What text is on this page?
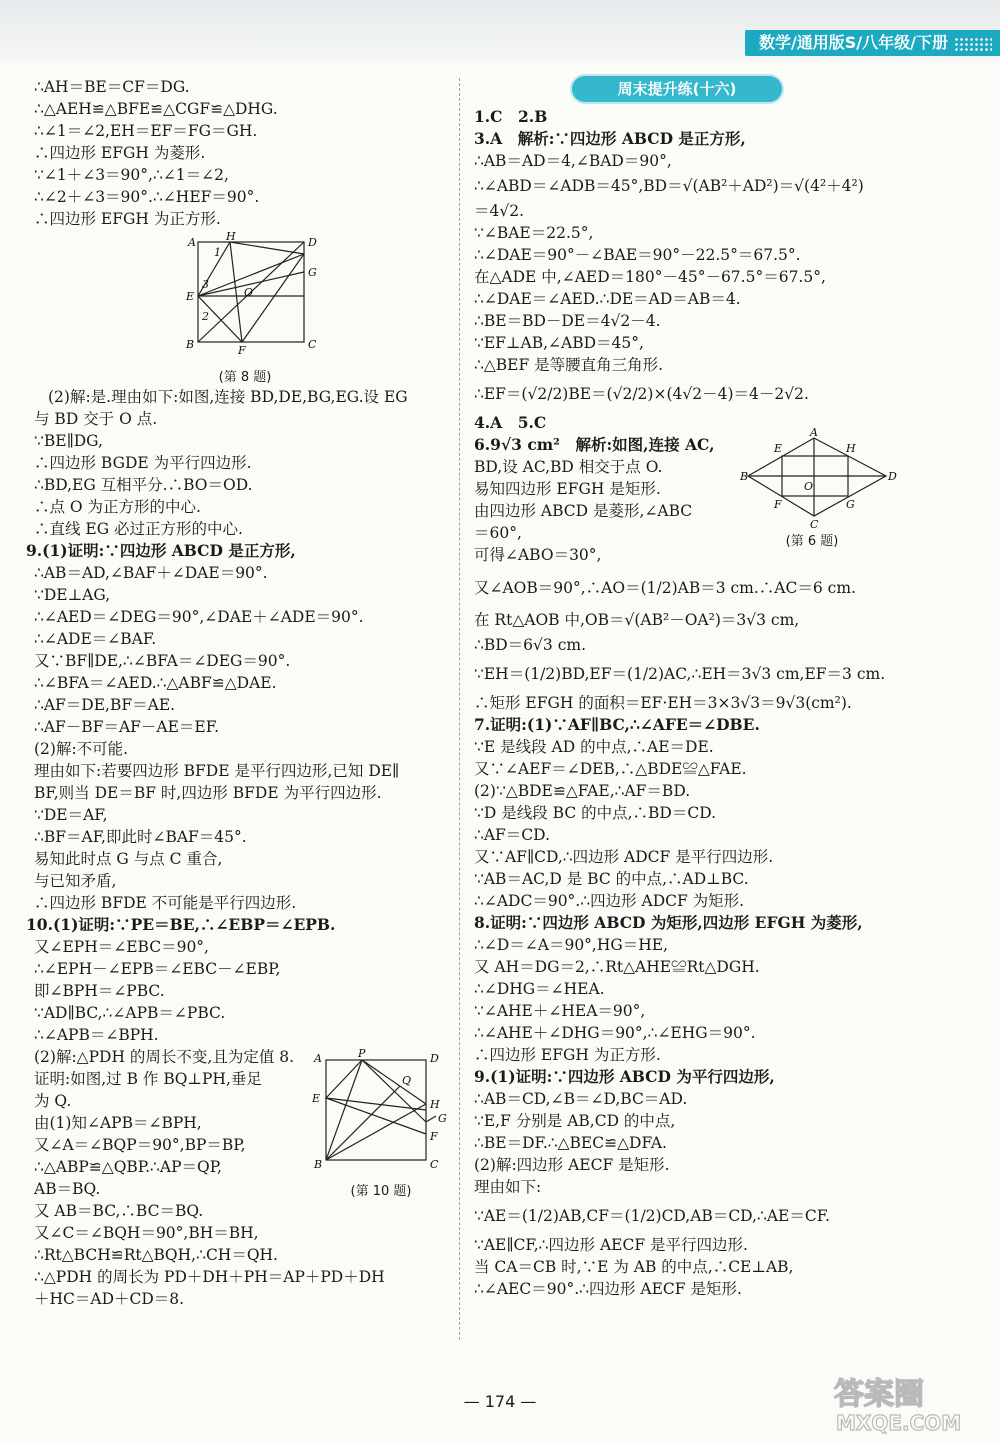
数学/通用版S/八年级/下册
∴AH＝BE＝CF＝DG.
∴△AEH≌△BFE≌△CGF≌△DHG.
∴∠1＝∠2,EH＝EF＝FG＝GH.
∴四边形 EFGH 为菱形.
∵∠1＋∠3＝90°,∴∠1＝∠2,
∴∠2＋∠3＝90°.∴∠HEF＝90°.
∴四边形 EFGH 为正方形.
A	H	D
1
3
E	O
G
2
B	F	C
(第 8 题)
(2)解:是.理由如下:如图,连接 BD,DE,BG,EG.设 EG
与 BD 交于 O 点.
∵BE∥DG,
∴四边形 BGDE 为平行四边形.
∴BD,EG 互相平分.∴BO＝OD.
∴点 O 为正方形的中心.
∴直线 EG 必过正方形的中心.
9.(1)证明:∵四边形 ABCD 是正方形,
∴AB＝AD,∠BAF＋∠DAE＝90°.
∵DE⊥AG,
∴∠AED＝∠DEG＝90°,∠DAE＋∠ADE＝90°.
∴∠ADE＝∠BAF.
又∵BF∥DE,∴∠BFA＝∠DEG＝90°.
∴∠BFA＝∠AED.∴△ABF≌△DAE.
∴AF＝DE,BF＝AE.
∴AF－BF＝AF－AE＝EF.
(2)解:不可能.
理由如下:若要四边形 BFDE 是平行四边形,已知 DE∥
BF,则当 DE＝BF 时,四边形 BFDE 为平行四边形.
∵DE＝AF,
∴BF＝AF,即此时∠BAF＝45°.
易知此时点 G 与点 C 重合,
与已知矛盾,
∴四边形 BFDE 不可能是平行四边形.
10.(1)证明:∵PE＝BE,∴∠EBP＝∠EPB.
又∠EPH＝∠EBC＝90°,
∴∠EPH－∠EPB＝∠EBC－∠EBP,
即∠BPH＝∠PBC.
∵AD∥BC,∴∠APB＝∠PBC.
∴∠APB＝∠BPH.
(2)解:△PDH 的周长不变,且为定值 8.
证明:如图,过 B 作 BQ⊥PH,垂足
为 Q.
由(1)知∠APB＝∠BPH,
又∠A＝∠BQP＝90°,BP＝BP,
∴△ABP≌△QBP.∴AP＝QP,
AB＝BQ.
A	P	D
Q
E	H
G
F
B	C
(第 10 题)
又 AB＝BC,∴BC＝BQ.
又∠C＝∠BQH＝90°,BH＝BH,
∴Rt△BCH≌Rt△BQH,∴CH＝QH.
∴△PDH 的周长为 PD＋DH＋PH＝AP＋PD＋DH
＋HC＝AD＋CD＝8.
周末提升练(十六)
1.C　2.B
3.A　解析:∵四边形 ABCD 是正方形,
∴AB＝AD＝4,∠BAD＝90°,
∴∠ABD＝∠ADB＝45°,BD＝√(AB²＋AD²)＝√(4²＋4²)
＝4√2.
∵∠BAE＝22.5°,
∴∠DAE＝90°－∠BAE＝90°－22.5°＝67.5°.
在△ADE 中,∠AED＝180°－45°－67.5°＝67.5°,
∴∠DAE＝∠AED.∴DE＝AD＝AB＝4.
∴BE＝BD－DE＝4√2－4.
∵EF⊥AB,∠ABD＝45°,
∴△BEF 是等腰直角三角形.
∴EF＝(√2/2)BE＝(√2/2)×(4√2－4)＝4－2√2.
4.A　5.C
6.9√3 cm²　解析:如图,连接 AC,
BD,设 AC,BD 相交于点 O.
易知四边形 EFGH 是矩形.
由四边形 ABCD 是菱形,∠ABC
＝60°,
可得∠ABO＝30°,
A
E	H
B
O
D
F	G
C
(第 6 题)
又∠AOB＝90°,∴AO＝(1/2)AB＝3 cm.∴AC＝6 cm.
在 Rt△AOB 中,OB＝√(AB²－OA²)＝3√3 cm,
∴BD＝6√3 cm.
∵EH＝(1/2)BD,EF＝(1/2)AC,∴EH＝3√3 cm,EF＝3 cm.
∴矩形 EFGH 的面积＝EF·EH＝3×3√3＝9√3(cm²).
7.证明:(1)∵AF∥BC,∴∠AFE＝∠DBE.
∵E 是线段 AD 的中点,∴AE＝DE.
又∵∠AEF＝∠DEB,∴△BDE≌△FAE.
(2)∵△BDE≌△FAE,∴AF＝BD.
∵D 是线段 BC 的中点,∴BD＝CD.
∴AF＝CD.
又∵AF∥CD,∴四边形 ADCF 是平行四边形.
∵AB＝AC,D 是 BC 的中点,∴AD⊥BC.
∴∠ADC＝90°.∴四边形 ADCF 为矩形.
8.证明:∵四边形 ABCD 为矩形,四边形 EFGH 为菱形,
∴∠D＝∠A＝90°,HG＝HE,
又 AH＝DG＝2,∴Rt△AHE≌Rt△DGH.
∴∠DHG＝∠HEA.
∵∠AHE＋∠HEA＝90°,
∴∠AHE＋∠DHG＝90°,∴∠EHG＝90°.
∴四边形 EFGH 为正方形.
9.(1)证明:∵四边形 ABCD 为平行四边形,
∴AB＝CD,∠B＝∠D,BC＝AD.
∵E,F 分别是 AB,CD 的中点,
∴BE＝DF.∴△BEC≌△DFA.
(2)解:四边形 AECF 是矩形.
理由如下:
∵AE＝(1/2)AB,CF＝(1/2)CD,AB＝CD,∴AE＝CF.
∵AE∥CF,∴四边形 AECF 是平行四边形.
当 CA＝CB 时,∵E 为 AB 的中点,∴CE⊥AB,
∴∠AEC＝90°.∴四边形 AECF 是矩形.
— 174 —	答案圈
MXQE.COM
